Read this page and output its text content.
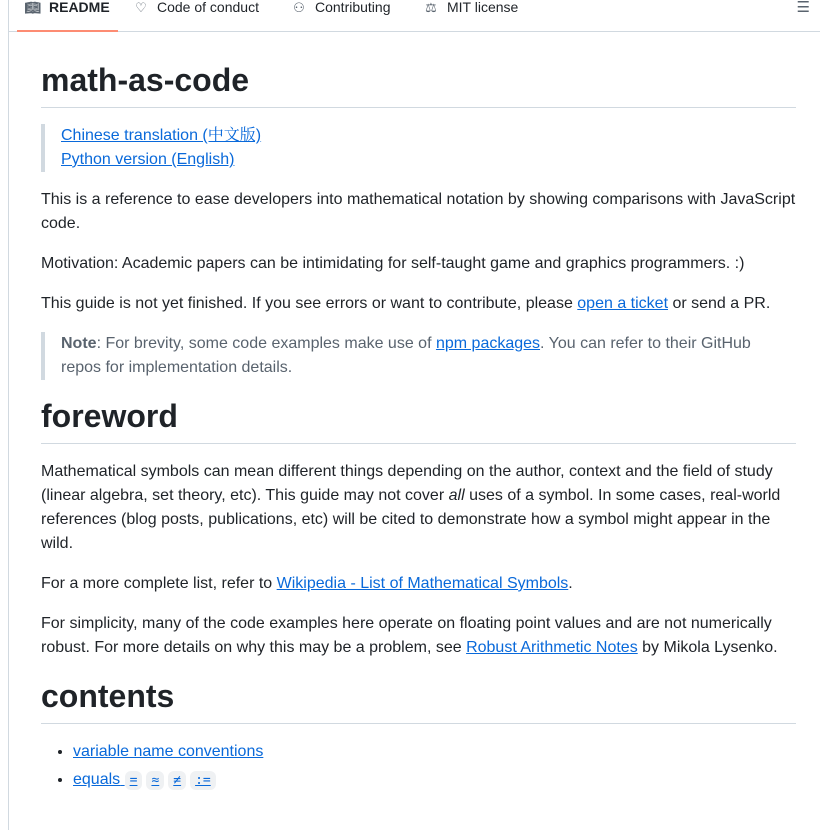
📖︎ README ♡ Code of conduct	⚇ Contributing	⚖ MIT license	☰
math-as-code
Chinese translation (中文版)
Python version (English)

This is a reference to ease developers into mathematical notation by showing comparisons with JavaScript code.

Motivation: Academic papers can be intimidating for self-taught game and graphics programmers. :)

This guide is not yet finished. If you see errors or want to contribute, please open a ticket or send a PR.

Note: For brevity, some code examples make use of npm packages. You can refer to their GitHub repos for implementation details.
foreword

Mathematical symbols can mean different things depending on the author, context and the field of study (linear algebra, set theory, etc). This guide may not cover all uses of a symbol. In some cases, real-world references (blog posts, publications, etc) will be cited to demonstrate how a symbol might appear in the wild.

For a more complete list, refer to Wikipedia - List of Mathematical Symbols.

For simplicity, many of the code examples here operate on floating point values and are not numerically robust. For more details on why this may be a problem, see Robust Arithmetic Notes by Mikola Lysenko.

contents
• variable name conventions
• equals = ≈ ≠ :=
